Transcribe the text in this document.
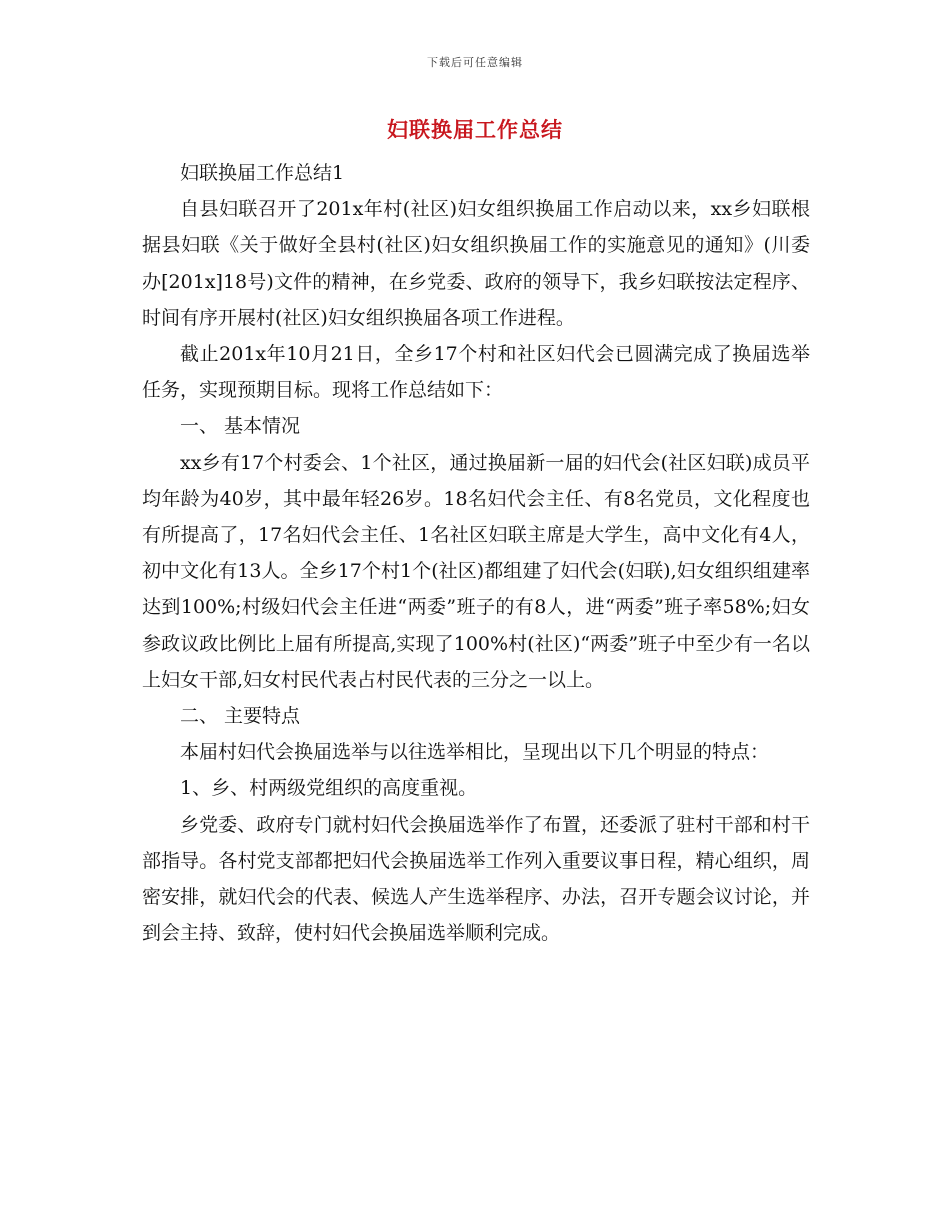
下载后可任意编辑
妇联换届工作总结

妇联换届工作总结1

自县妇联召开了201x年村(社区)妇女组织换届工作启动以来，xx乡妇联根据县妇联《关于做好全县村(社区)妇女组织换届工作的实施意见的通知》(川委办[201x]18号)文件的精神，在乡党委、政府的领导下，我乡妇联按法定程序、时间有序开展村(社区)妇女组织换届各项工作进程。

截止201x年10月21日，全乡17个村和社区妇代会已圆满完成了换届选举任务，实现预期目标。现将工作总结如下：

一、 基本情况

xx乡有17个村委会、1个社区，通过换届新一届的妇代会(社区妇联)成员平均年龄为40岁，其中最年轻26岁。18名妇代会主任、有8名党员，文化程度也有所提高了，17名妇代会主任、1名社区妇联主席是大学生，高中文化有4人，初中文化有13人。全乡17个村1个(社区)都组建了妇代会(妇联),妇女组织组建率达到100%;村级妇代会主任进“两委”班子的有8人，进“两委”班子率58%;妇女参政议政比例比上届有所提高,实现了100%村(社区)“两委”班子中至少有一名以上妇女干部,妇女村民代表占村民代表的三分之一以上。

二、 主要特点

本届村妇代会换届选举与以往选举相比，呈现出以下几个明显的特点：

1、乡、村两级党组织的高度重视。

乡党委、政府专门就村妇代会换届选举作了布置，还委派了驻村干部和村干部指导。各村党支部都把妇代会换届选举工作列入重要议事日程，精心组织，周密安排，就妇代会的代表、候选人产生选举程序、办法，召开专题会议讨论，并到会主持、致辞，使村妇代会换届选举顺利完成。
